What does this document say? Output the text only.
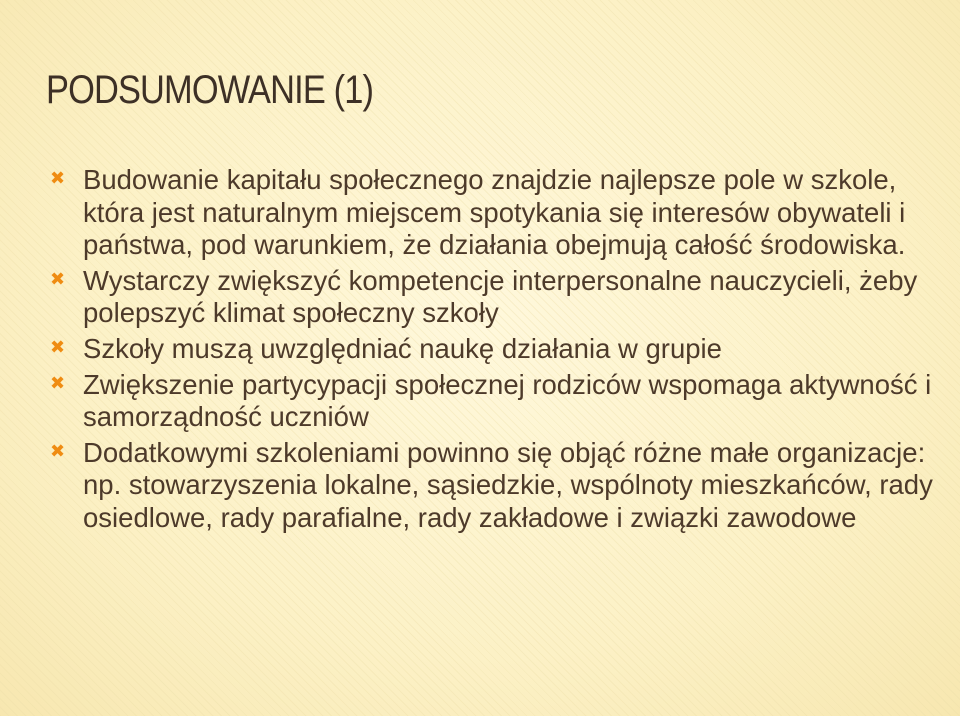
PODSUMOWANIE (1)
✖ Budowanie kapitału społecznego znajdzie najlepsze pole w szkole, która jest naturalnym miejscem spotykania się interesów obywateli i państwa, pod warunkiem, że działania obejmują całość środowiska.
✖ Wystarczy zwiększyć kompetencje interpersonalne nauczycieli, żeby polepszyć klimat społeczny szkoły
✖ Szkoły muszą uwzględniać naukę działania w grupie
✖ Zwiększenie partycypacji społecznej rodziców wspomaga aktywność i samorządność uczniów
✖ Dodatkowymi szkoleniami powinno się objąć różne małe organizacje: np. stowarzyszenia lokalne, sąsiedzkie, wspólnoty mieszkańców, rady osiedlowe, rady parafialne, rady zakładowe i związki zawodowe
